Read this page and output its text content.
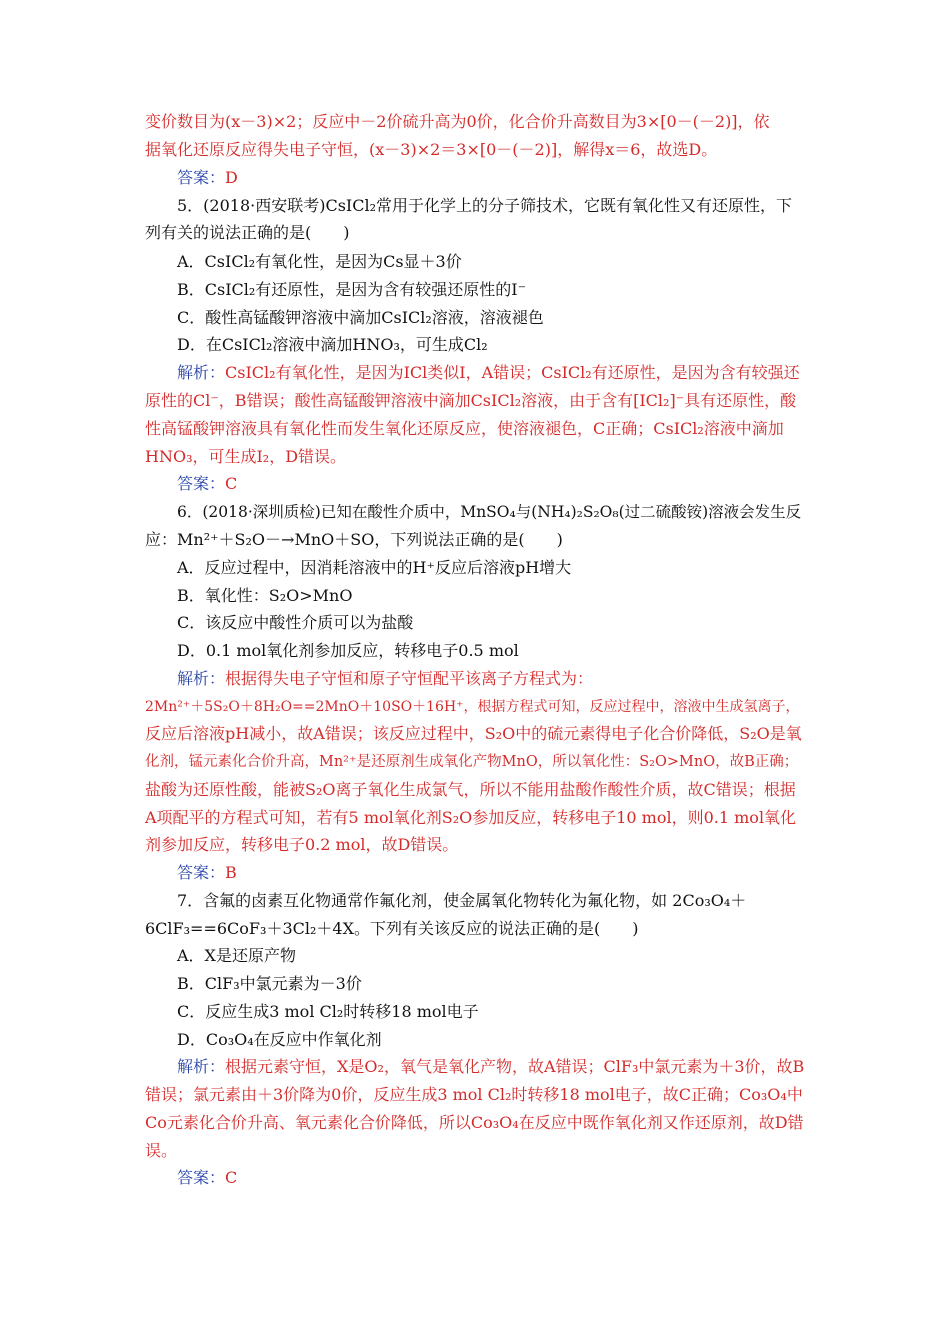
变价数目为(x－3)×2；反应中－2价硫升高为0价，化合价升高数目为3×[0－(－2)]，依
据氧化还原反应得失电子守恒，(x－3)×2＝3×[0－(－2)]，解得x＝6，故选D。
答案：D
5．(2018·西安联考)CsICl₂常用于化学上的分子筛技术，它既有氧化性又有还原性，下
列有关的说法正确的是(　　)
A．CsICl₂有氧化性，是因为Cs显＋3价
B．CsICl₂有还原性，是因为含有较强还原性的I⁻
C．酸性高锰酸钾溶液中滴加CsICl₂溶液，溶液褪色
D．在CsICl₂溶液中滴加HNO₃，可生成Cl₂
解析：CsICl₂有氧化性，是因为ICl类似I，A错误；CsICl₂有还原性，是因为含有较强还
原性的Cl⁻，B错误；酸性高锰酸钾溶液中滴加CsICl₂溶液，由于含有[ICl₂]⁻具有还原性，酸
性高锰酸钾溶液具有氧化性而发生氧化还原反应，使溶液褪色，C正确；CsICl₂溶液中滴加
HNO₃，可生成I₂，D错误。
答案：C
6．(2018·深圳质检)已知在酸性介质中，MnSO₄与(NH₄)₂S₂O₈(过二硫酸铵)溶液会发生反
应：Mn²⁺＋S₂O－→MnO＋SO，下列说法正确的是(　　)
A．反应过程中，因消耗溶液中的H⁺反应后溶液pH增大
B．氧化性：S₂O>MnO
C．该反应中酸性介质可以为盐酸
D．0.1 mol氧化剂参加反应，转移电子0.5 mol
解析：根据得失电子守恒和原子守恒配平该离子方程式为：
2Mn²⁺＋5S₂O＋8H₂O==2MnO＋10SO＋16H⁺，根据方程式可知，反应过程中，溶液中生成氢离子，
反应后溶液pH减小，故A错误；该反应过程中，S₂O中的硫元素得电子化合价降低，S₂O是氧
化剂，锰元素化合价升高，Mn²⁺是还原剂生成氧化产物MnO，所以氧化性：S₂O>MnO，故B正确；
盐酸为还原性酸，能被S₂O离子氧化生成氯气，所以不能用盐酸作酸性介质，故C错误；根据
A项配平的方程式可知，若有5 mol氧化剂S₂O参加反应，转移电子10 mol，则0.1 mol氧化
剂参加反应，转移电子0.2 mol，故D错误。
答案：B
7．含氟的卤素互化物通常作氟化剂，使金属氧化物转化为氟化物，如 2Co₃O₄＋
6ClF₃==6CoF₃＋3Cl₂＋4X。下列有关该反应的说法正确的是(　　)
A．X是还原产物
B．ClF₃中氯元素为－3价
C．反应生成3 mol Cl₂时转移18 mol电子
D．Co₃O₄在反应中作氧化剂
解析：根据元素守恒，X是O₂，氧气是氧化产物，故A错误；ClF₃中氯元素为＋3价，故B
错误；氯元素由＋3价降为0价，反应生成3 mol Cl₂时转移18 mol电子，故C正确；Co₃O₄中
Co元素化合价升高、氧元素化合价降低，所以Co₃O₄在反应中既作氧化剂又作还原剂，故D错
误。
答案：C
